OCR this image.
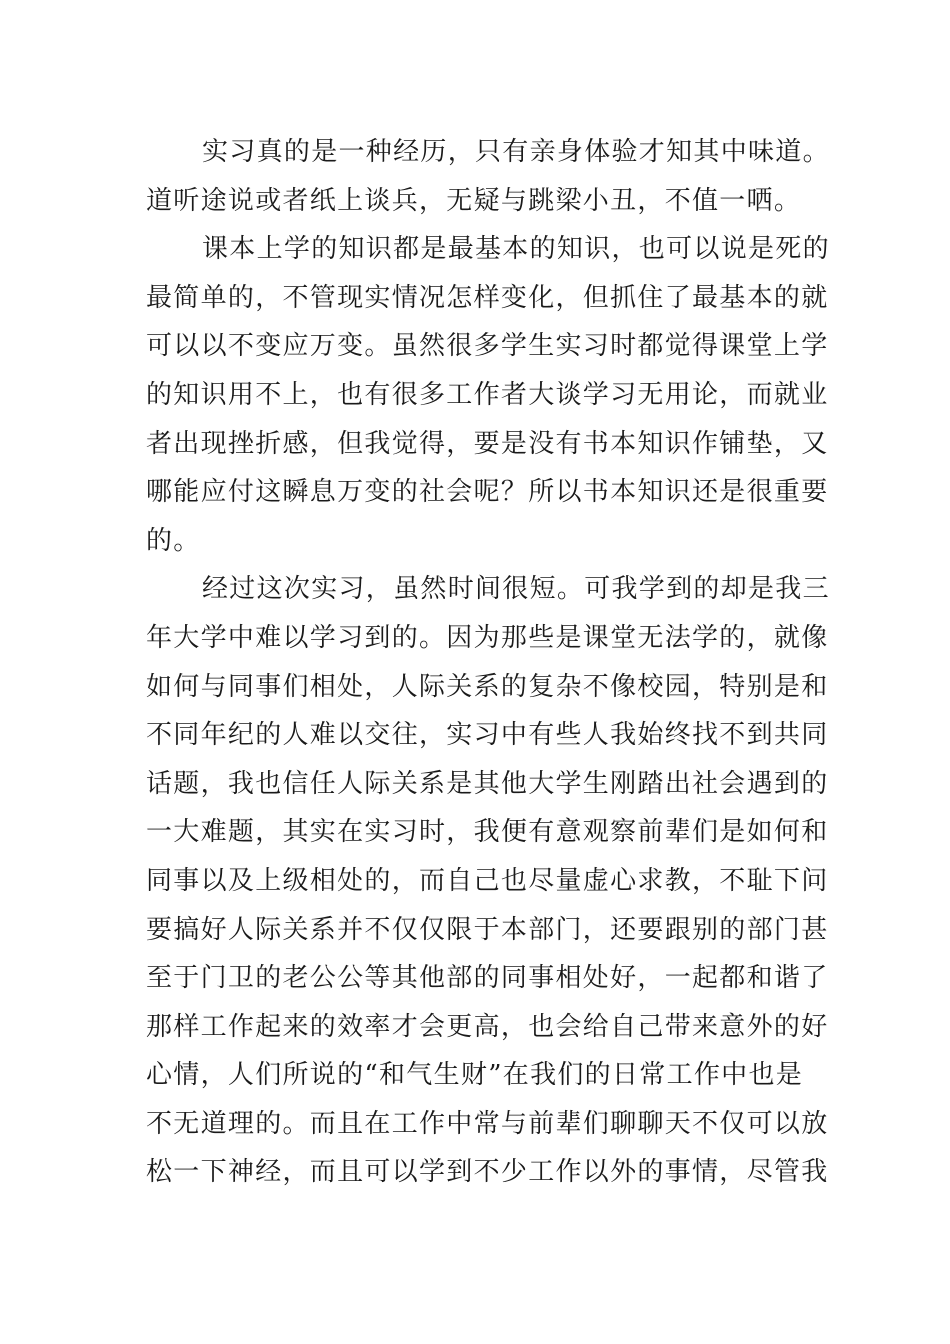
实习真的是一种经历，只有亲身体验才知其中味道。
道听途说或者纸上谈兵，无疑与跳梁小丑，不值一哂。
课本上学的知识都是最基本的知识，也可以说是死的
最简单的，不管现实情况怎样变化，但抓住了最基本的就
可以以不变应万变。虽然很多学生实习时都觉得课堂上学
的知识用不上，也有很多工作者大谈学习无用论，而就业
者出现挫折感，但我觉得，要是没有书本知识作铺垫，又
哪能应付这瞬息万变的社会呢？所以书本知识还是很重要
的。
经过这次实习，虽然时间很短。可我学到的却是我三
年大学中难以学习到的。因为那些是课堂无法学的，就像
如何与同事们相处，人际关系的复杂不像校园，特别是和
不同年纪的人难以交往，实习中有些人我始终找不到共同
话题，我也信任人际关系是其他大学生刚踏出社会遇到的
一大难题，其实在实习时，我便有意观察前辈们是如何和
同事以及上级相处的，而自己也尽量虚心求教，不耻下问
要搞好人际关系并不仅仅限于本部门，还要跟别的部门甚
至于门卫的老公公等其他部的同事相处好，一起都和谐了
那样工作起来的效率才会更高，也会给自己带来意外的好
心情，人们所说的“和气生财”在我们的日常工作中也是
不无道理的。而且在工作中常与前辈们聊聊天不仅可以放
松一下神经，而且可以学到不少工作以外的事情，尽管我
